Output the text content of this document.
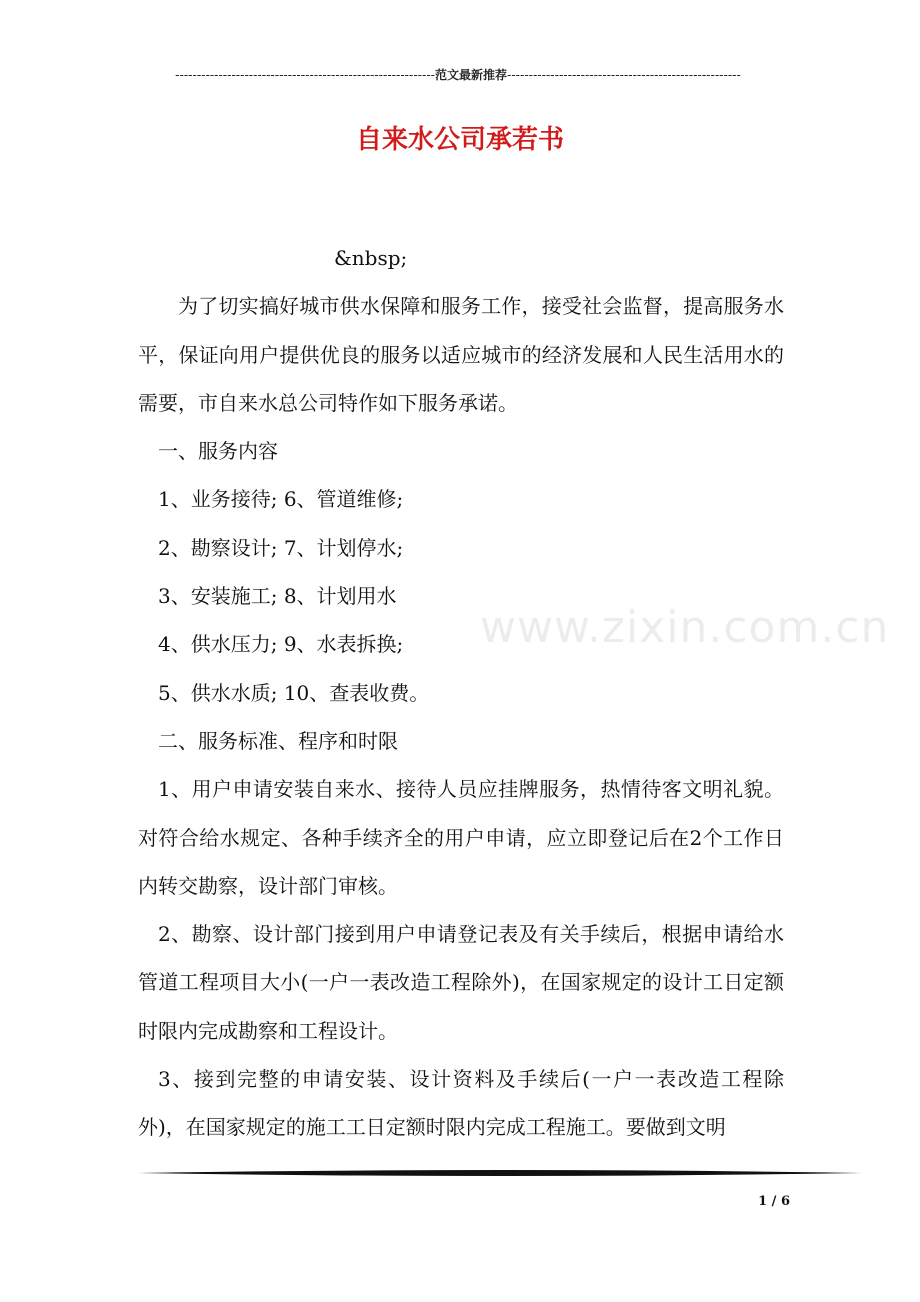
------------------------------------------------------------范文最新推荐------------------------------------------------------
自来水公司承若书
www.zixin.com.cn

&nbsp;

为了切实搞好城市供水保障和服务工作，接受社会监督，提高服务水平，保证向用户提供优良的服务以适应城市的经济发展和人民生活用水的需要，市自来水总公司特作如下服务承诺。

一、服务内容

1、业务接待; 6、管道维修;

2、勘察设计; 7、计划停水;

3、安装施工; 8、计划用水

4、供水压力; 9、水表拆换;

5、供水水质; 10、查表收费。

二、服务标准、程序和时限

1、用户申请安装自来水、接待人员应挂牌服务，热情待客文明礼貌。对符合给水规定、各种手续齐全的用户申请，应立即登记后在2个工作日内转交勘察，设计部门审核。

2、勘察、设计部门接到用户申请登记表及有关手续后，根据申请给水管道工程项目大小(一户一表改造工程除外)，在国家规定的设计工日定额时限内完成勘察和工程设计。

3、接到完整的申请安装、设计资料及手续后(一户一表改造工程除外)，在国家规定的施工工日定额时限内完成工程施工。要做到文明

1 / 6
